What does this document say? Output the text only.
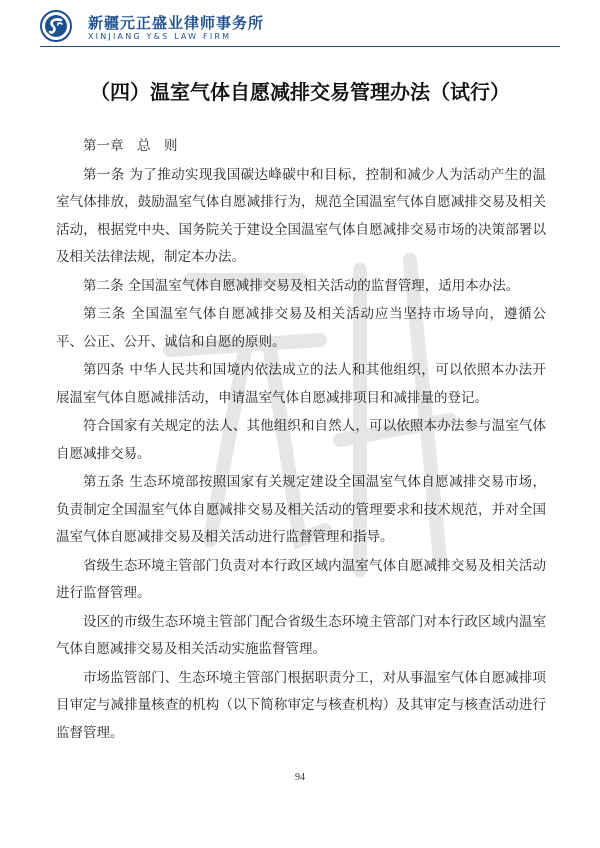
新疆元正盛业律师事务所
XINJIANG Y&S LAW FIRM
（四）温室气体自愿减排交易管理办法（试行）

第一章　总　则

第一条 为了推动实现我国碳达峰碳中和目标，控制和减少人为活动产生的温室气体排放，鼓励温室气体自愿减排行为，规范全国温室气体自愿减排交易及相关活动，根据党中央、国务院关于建设全国温室气体自愿减排交易市场的决策部署以及相关法律法规，制定本办法。

第二条 全国温室气体自愿减排交易及相关活动的监督管理，适用本办法。

第三条 全国温室气体自愿减排交易及相关活动应当坚持市场导向，遵循公平、公正、公开、诚信和自愿的原则。

第四条 中华人民共和国境内依法成立的法人和其他组织，可以依照本办法开展温室气体自愿减排活动，申请温室气体自愿减排项目和减排量的登记。

符合国家有关规定的法人、其他组织和自然人，可以依照本办法参与温室气体自愿减排交易。

第五条 生态环境部按照国家有关规定建设全国温室气体自愿减排交易市场，负责制定全国温室气体自愿减排交易及相关活动的管理要求和技术规范，并对全国温室气体自愿减排交易及相关活动进行监督管理和指导。

省级生态环境主管部门负责对本行政区域内温室气体自愿减排交易及相关活动进行监督管理。

设区的市级生态环境主管部门配合省级生态环境主管部门对本行政区域内温室气体自愿减排交易及相关活动实施监督管理。

市场监管部门、生态环境主管部门根据职责分工，对从事温室气体自愿减排项目审定与减排量核查的机构（以下简称审定与核查机构）及其审定与核查活动进行监督管理。

94
